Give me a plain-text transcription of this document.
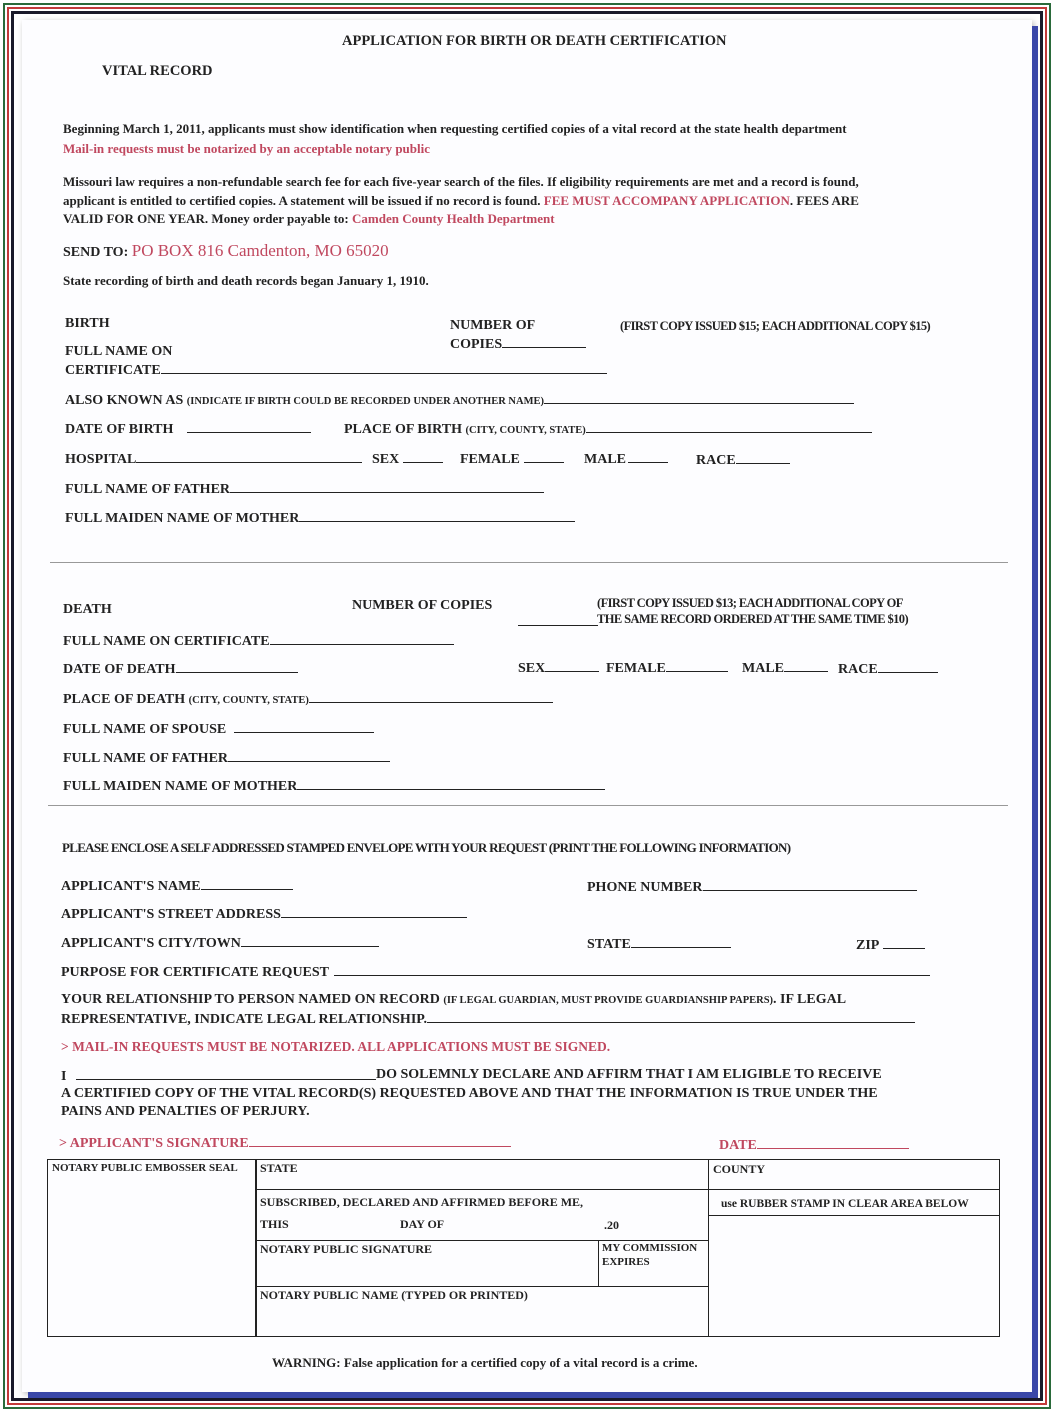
APPLICATION FOR BIRTH OR DEATH CERTIFICATION
VITAL RECORD
Beginning March 1, 2011, applicants must show identification when requesting certified copies of a vital record at the state health department
Mail-in requests must be notarized by an acceptable notary public
Missouri law requires a non-refundable search fee for each five-year search of the files. If eligibility requirements are met and a record is found,
applicant is entitled to certified copies. A statement will be issued if no record is found. FEE MUST ACCOMPANY APPLICATION. FEES ARE
VALID FOR ONE YEAR. Money order payable to: Camden County Health Department
SEND TO: PO BOX 816 Camdenton, MO 65020
State recording of birth and death records began January 1, 1910.
BIRTH	NUMBER OF
COPIES
(FIRST COPY ISSUED $15; EACH ADDITIONAL COPY $15)
FULL NAME ON
CERTIFICATE
ALSO KNOWN AS (INDICATE IF BIRTH COULD BE RECORDED UNDER ANOTHER NAME)
DATE OF BIRTH	PLACE OF BIRTH (CITY, COUNTY, STATE)
HOSPITAL	SEX	FEMALE	MALE	RACE
FULL NAME OF FATHER
FULL MAIDEN NAME OF MOTHER
DEATH	NUMBER OF COPIES	(FIRST COPY ISSUED $13; EACH ADDITIONAL COPY OF
THE SAME RECORD ORDERED AT THE SAME TIME $10)
FULL NAME ON CERTIFICATE
DATE OF DEATH	SEX	FEMALE	MALE	RACE
PLACE OF DEATH (CITY, COUNTY, STATE)
FULL NAME OF SPOUSE
FULL NAME OF FATHER
FULL MAIDEN NAME OF MOTHER
PLEASE ENCLOSE A SELF ADDRESSED STAMPED ENVELOPE WITH YOUR REQUEST (PRINT THE FOLLOWING INFORMATION)
APPLICANT'S NAME	PHONE NUMBER
APPLICANT'S STREET ADDRESS
APPLICANT'S CITY/TOWN	STATE	ZIP
PURPOSE FOR CERTIFICATE REQUEST
YOUR RELATIONSHIP TO PERSON NAMED ON RECORD (IF LEGAL GUARDIAN, MUST PROVIDE GUARDIANSHIP PAPERS). IF LEGAL
REPRESENTATIVE, INDICATE LEGAL RELATIONSHIP.
> MAIL-IN REQUESTS MUST BE NOTARIZED. ALL APPLICATIONS MUST BE SIGNED.
I	DO SOLEMNLY DECLARE AND AFFIRM THAT I AM ELIGIBLE TO RECEIVE
A CERTIFIED COPY OF THE VITAL RECORD(S) REQUESTED ABOVE AND THAT THE INFORMATION IS TRUE UNDER THE
PAINS AND PENALTIES OF PERJURY.
> APPLICANT'S SIGNATURE	DATE
NOTARY PUBLIC EMBOSSER SEAL STATE	COUNTY
SUBSCRIBED, DECLARED AND AFFIRMED BEFORE ME,
THIS	DAY OF	.20
use RUBBER STAMP IN CLEAR AREA BELOW
NOTARY PUBLIC SIGNATURE	MY COMMISSION
EXPIRES
NOTARY PUBLIC NAME (TYPED OR PRINTED)
WARNING: False application for a certified copy of a vital record is a crime.
